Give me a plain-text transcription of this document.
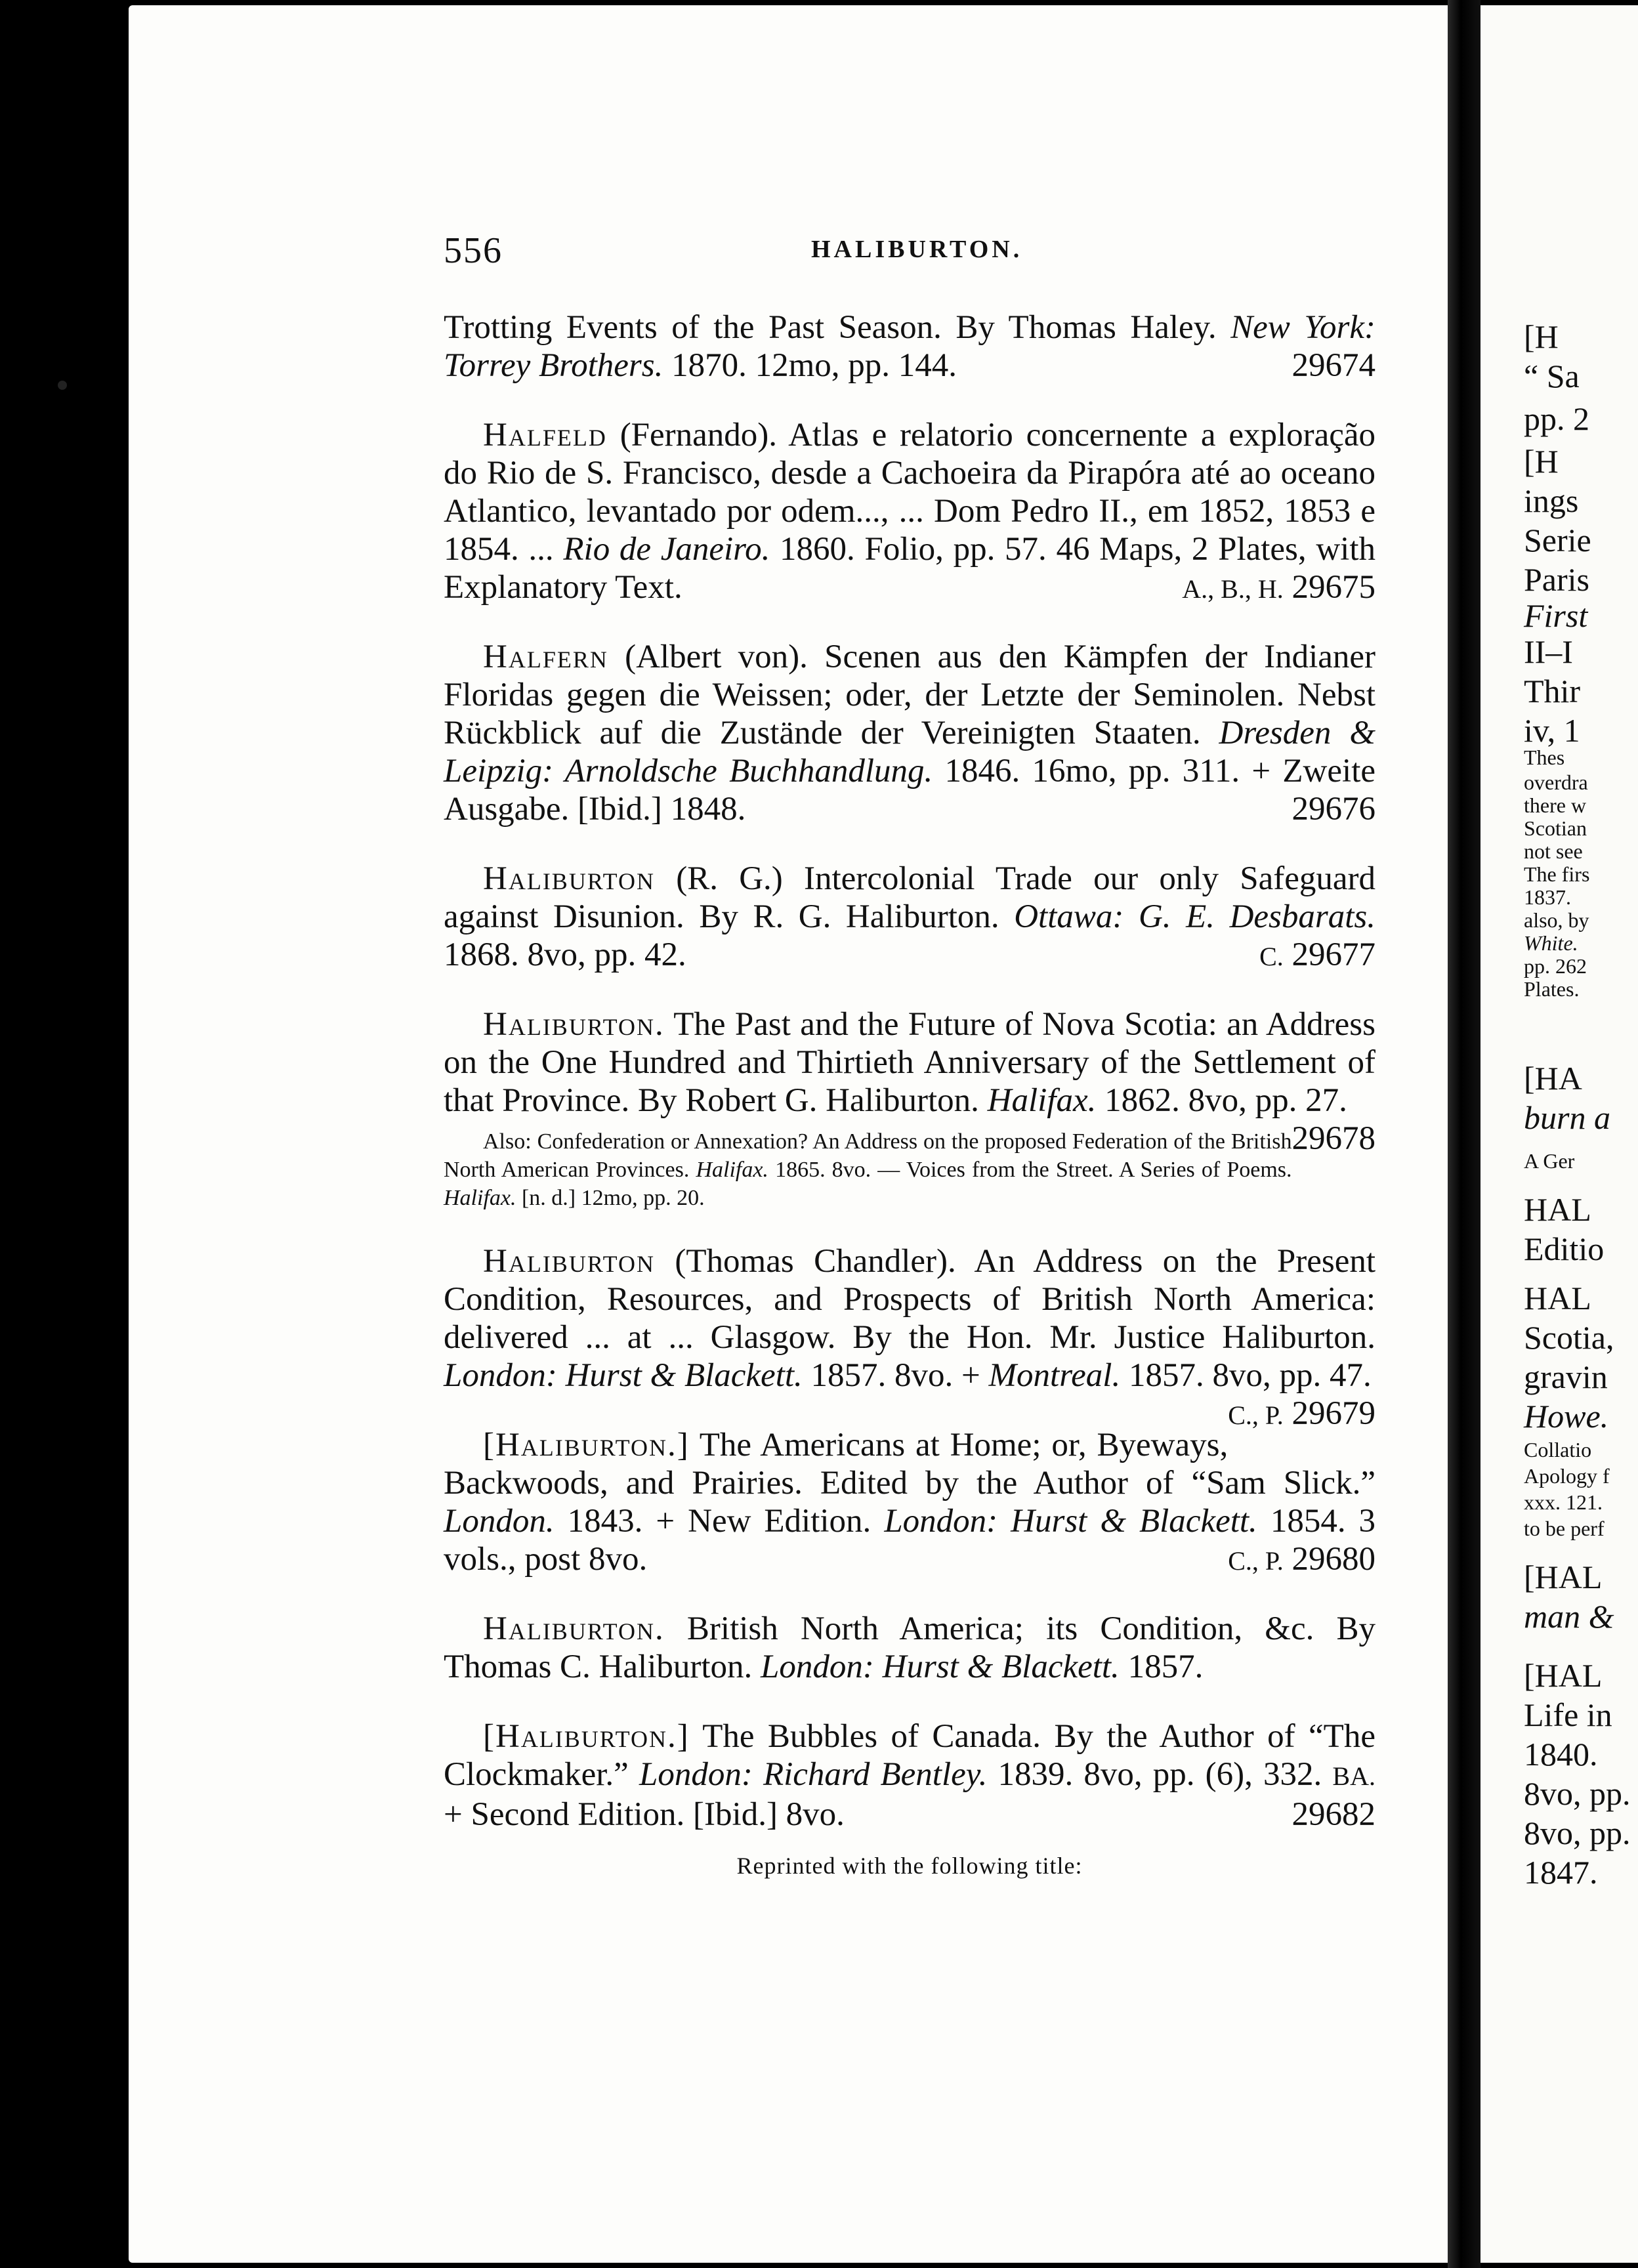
556	HALIBURTON.

Trotting Events of the Past Season. By Thomas Haley. New York: Torrey Brothers. 1870. 12mo, pp. 144.	29674

Halfeld (Fernando). Atlas e relatorio concernente a exploração do Rio de S. Francisco, desde a Cachoeira da Pirapóra até ao oceano Atlantico, levantado por odem..., ... Dom Pedro II., em 1852, 1853 e 1854. ... Rio de Janeiro. 1860. Folio, pp. 57. 46 Maps, 2 Plates, with Explanatory Text.	A., B., H. 29675

Halfern (Albert von). Scenen aus den Kämpfen der Indianer Floridas gegen die Weissen; oder, der Letzte der Seminolen. Nebst Rückblick auf die Zustände der Vereinigten Staaten. Dresden & Leipzig: Arnoldsche Buchhandlung. 1846. 16mo, pp. 311. + Zweite Ausgabe. [Ibid.] 1848.	29676

Haliburton (R. G.) Intercolonial Trade our only Safeguard against Disunion. By R. G. Haliburton. Ottawa: G. E. Desbarats. 1868. 8vo, pp. 42.	C. 29677

Haliburton. The Past and the Future of Nova Scotia: an Address on the One Hundred and Thirtieth Anniversary of the Settlement of that Province. By Robert G. Haliburton. Halifax. 1862. 8vo, pp. 27.
29678

Also: Confederation or Annexation? An Address on the proposed Federation of the British North American Provinces. Halifax. 1865. 8vo. — Voices from the Street. A Series of Poems. Halifax. [n. d.] 12mo, pp. 20.

Haliburton (Thomas Chandler). An Address on the Present Condition, Resources, and Prospects of British North America: delivered ... at ... Glasgow. By the Hon. Mr. Justice Haliburton. London: Hurst & Blackett. 1857. 8vo. + Montreal. 1857. 8vo, pp. 47.
C., P. 29679

[Haliburton.] The Americans at Home; or, Byeways, Backwoods, and Prairies. Edited by the Author of “Sam Slick.” London. 1843. + New Edition. London: Hurst & Blackett. 1854. 3 vols., post 8vo.	C., P. 29680

Haliburton. British North America; its Condition, &c. By Thomas C. Haliburton. London: Hurst & Blackett. 1857.

[Haliburton.] The Bubbles of Canada. By the Author of “The Clockmaker.” London: Richard Bentley. 1839. 8vo, pp. (6), 332. BA. + Second Edition. [Ibid.] 8vo.	29682

Reprinted with the following title:

[H
“ Sa
pp. 2
[H
ings
Serie
Paris
First
II–I
Thir
iv, 1
Thes
overdra
there w
Scotian
not see
The firs
1837.
also, by
White.
pp. 262
Plates.
[HA
burn a
A Ger
HAL
Editio
HAL
Scotia,
gravin
Howe.
Collatio
Apology f
xxx. 121.
to be perf
[HAL
man &
[HAL
Life in
1840.
8vo, pp.
8vo, pp.
1847.
